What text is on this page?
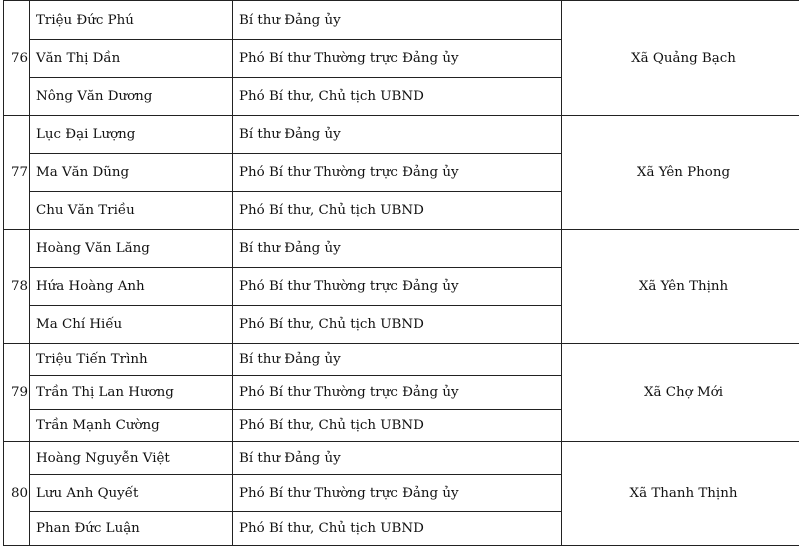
76	Triệu Đức Phú	Bí thư Đảng ủy	Xã Quảng Bạch
	Văn Thị Dần	Phó Bí thư Thường trực Đảng ủy	
	Nông Văn Dương	Phó Bí thư, Chủ tịch UBND	
77	Lục Đại Lượng	Bí thư Đảng ủy	Xã Yên Phong
	Ma Văn Dũng	Phó Bí thư Thường trực Đảng ủy	
	Chu Văn Triều	Phó Bí thư, Chủ tịch UBND	
78	Hoàng Văn Lăng	Bí thư Đảng ủy	Xã Yên Thịnh
	Hứa Hoàng Anh	Phó Bí thư Thường trực Đảng ủy	
	Ma Chí Hiếu	Phó Bí thư, Chủ tịch UBND	
79	Triệu Tiến Trình	Bí thư Đảng ủy	Xã Chợ Mới
	Trần Thị Lan Hương	Phó Bí thư Thường trực Đảng ủy	
	Trần Mạnh Cường	Phó Bí thư, Chủ tịch UBND	
80	Hoàng Nguyễn Việt	Bí thư Đảng ủy	Xã Thanh Thịnh
	Lưu Anh Quyết	Phó Bí thư Thường trực Đảng ủy	
	Phan Đức Luận	Phó Bí thư, Chủ tịch UBND	
